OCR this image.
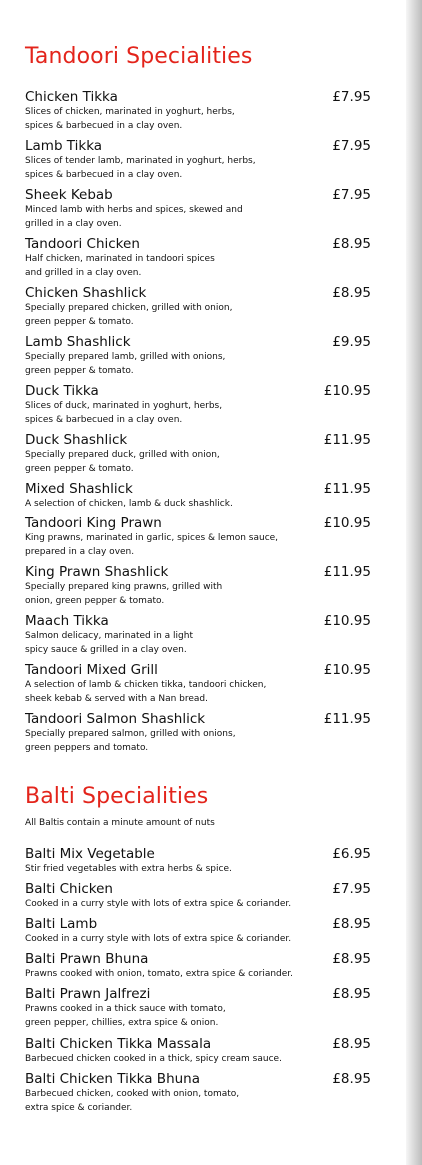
Tandoori Specialities
Chicken Tikka	£7.95
Slices of chicken, marinated in yoghurt, herbs,
spices & barbecued in a clay oven.
Lamb Tikka	£7.95
Slices of tender lamb, marinated in yoghurt, herbs,
spices & barbecued in a clay oven.
Sheek Kebab	£7.95
Minced lamb with herbs and spices, skewed and
grilled in a clay oven.
Tandoori Chicken	£8.95
Half chicken, marinated in tandoori spices
and grilled in a clay oven.
Chicken Shashlick	£8.95
Specially prepared chicken, grilled with onion,
green pepper & tomato.
Lamb Shashlick	£9.95
Specially prepared lamb, grilled with onions,
green pepper & tomato.
Duck Tikka	£10.95
Slices of duck, marinated in yoghurt, herbs,
spices & barbecued in a clay oven.
Duck Shashlick	£11.95
Specially prepared duck, grilled with onion,
green pepper & tomato.
Mixed Shashlick	£11.95
A selection of chicken, lamb & duck shashlick.
Tandoori King Prawn	£10.95
King prawns, marinated in garlic, spices & lemon sauce,
prepared in a clay oven.
King Prawn Shashlick	£11.95
Specially prepared king prawns, grilled with
onion, green pepper & tomato.
Maach Tikka	£10.95
Salmon delicacy, marinated in a light
spicy sauce & grilled in a clay oven.
Tandoori Mixed Grill	£10.95
A selection of lamb & chicken tikka, tandoori chicken,
sheek kebab & served with a Nan bread.
Tandoori Salmon Shashlick	£11.95
Specially prepared salmon, grilled with onions,
green peppers and tomato.
Balti Specialities
All Baltis contain a minute amount of nuts
Balti Mix Vegetable	£6.95
Stir fried vegetables with extra herbs & spice.
Balti Chicken	£7.95
Cooked in a curry style with lots of extra spice & coriander.
Balti Lamb	£8.95
Cooked in a curry style with lots of extra spice & coriander.
Balti Prawn Bhuna	£8.95
Prawns cooked with onion, tomato, extra spice & coriander.
Balti Prawn Jalfrezi	£8.95
Prawns cooked in a thick sauce with tomato,
green pepper, chillies, extra spice & onion.
Balti Chicken Tikka Massala	£8.95
Barbecued chicken cooked in a thick, spicy cream sauce.
Balti Chicken Tikka Bhuna	£8.95
Barbecued chicken, cooked with onion, tomato,
extra spice & coriander.
